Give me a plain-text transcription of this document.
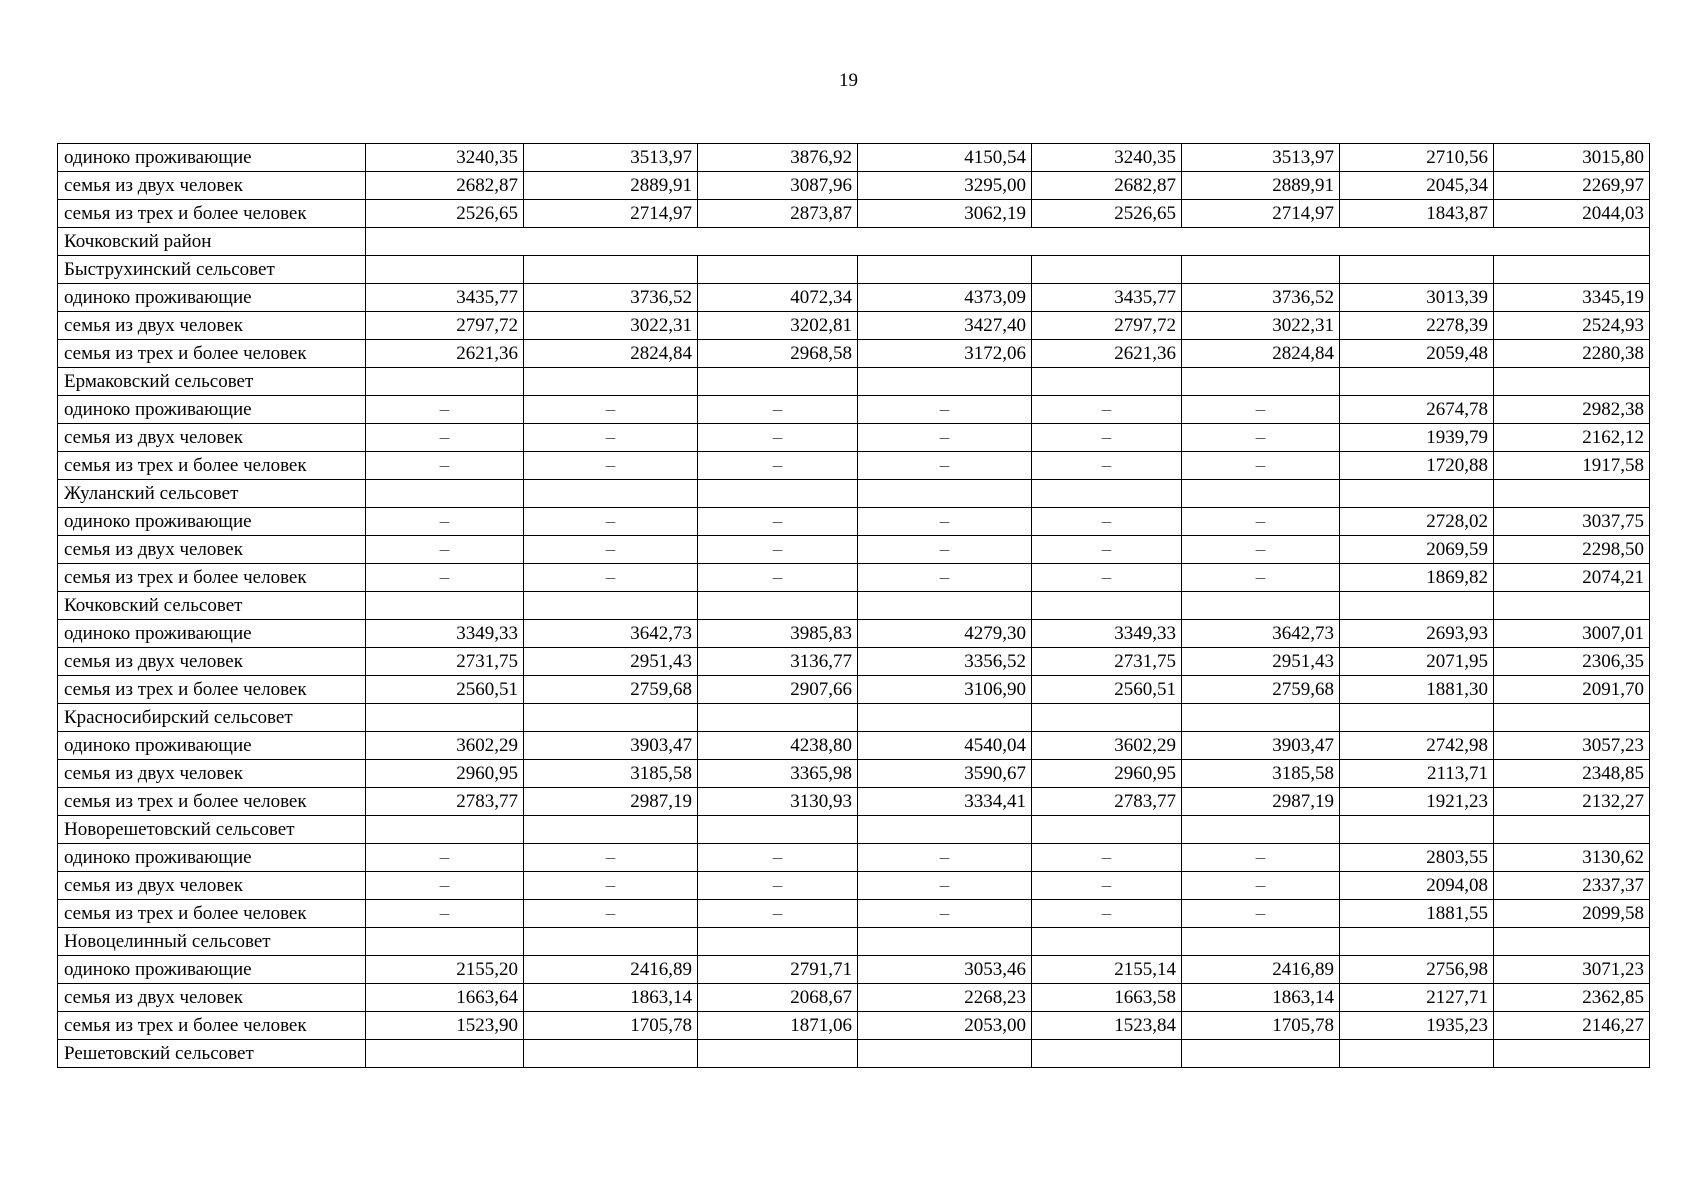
19
одиноко проживающие	3240,35	3513,97	3876,92	4150,54	3240,35	3513,97	2710,56	3015,80
семья из двух человек	2682,87	2889,91	3087,96	3295,00	2682,87	2889,91	2045,34	2269,97
семья из трех и более человек	2526,65	2714,97	2873,87	3062,19	2526,65	2714,97	1843,87	2044,03
Кочковский район								
Быструхинский сельсовет								
одиноко проживающие	3435,77	3736,52	4072,34	4373,09	3435,77	3736,52	3013,39	3345,19
семья из двух человек	2797,72	3022,31	3202,81	3427,40	2797,72	3022,31	2278,39	2524,93
семья из трех и более человек	2621,36	2824,84	2968,58	3172,06	2621,36	2824,84	2059,48	2280,38
Ермаковский сельсовет								
одиноко проживающие	–	–	–	–	–	–	2674,78	2982,38
семья из двух человек	–	–	–	–	–	–	1939,79	2162,12
семья из трех и более человек	–	–	–	–	–	–	1720,88	1917,58
Жуланский сельсовет								
одиноко проживающие	–	–	–	–	–	–	2728,02	3037,75
семья из двух человек	–	–	–	–	–	–	2069,59	2298,50
семья из трех и более человек	–	–	–	–	–	–	1869,82	2074,21
Кочковский сельсовет								
одиноко проживающие	3349,33	3642,73	3985,83	4279,30	3349,33	3642,73	2693,93	3007,01
семья из двух человек	2731,75	2951,43	3136,77	3356,52	2731,75	2951,43	2071,95	2306,35
семья из трех и более человек	2560,51	2759,68	2907,66	3106,90	2560,51	2759,68	1881,30	2091,70
Красносибирский сельсовет								
одиноко проживающие	3602,29	3903,47	4238,80	4540,04	3602,29	3903,47	2742,98	3057,23
семья из двух человек	2960,95	3185,58	3365,98	3590,67	2960,95	3185,58	2113,71	2348,85
семья из трех и более человек	2783,77	2987,19	3130,93	3334,41	2783,77	2987,19	1921,23	2132,27
Новорешетовский сельсовет								
одиноко проживающие	–	–	–	–	–	–	2803,55	3130,62
семья из двух человек	–	–	–	–	–	–	2094,08	2337,37
семья из трех и более человек	–	–	–	–	–	–	1881,55	2099,58
Новоцелинный сельсовет								
одиноко проживающие	2155,20	2416,89	2791,71	3053,46	2155,14	2416,89	2756,98	3071,23
семья из двух человек	1663,64	1863,14	2068,67	2268,23	1663,58	1863,14	2127,71	2362,85
семья из трех и более человек	1523,90	1705,78	1871,06	2053,00	1523,84	1705,78	1935,23	2146,27
Решетовский сельсовет								
